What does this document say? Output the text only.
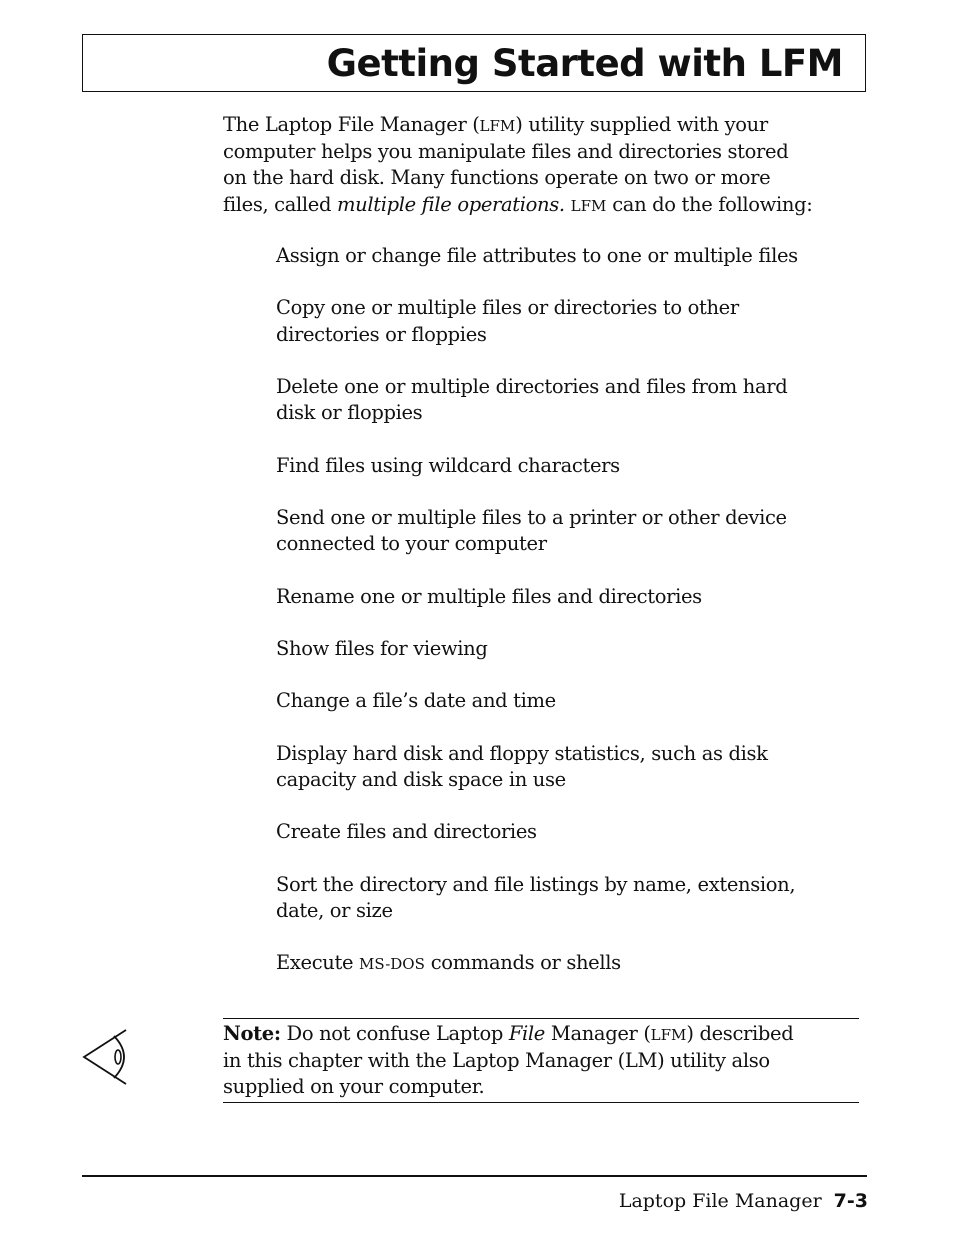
Getting Started with LFM

The Laptop File Manager (LFM) utility supplied with your

computer helps you manipulate files and directories stored

on the hard disk. Many functions operate on two or more

files, called multiple file operations. LFM can do the following:

Assign or change file attributes to one or multiple files
Copy one or multiple files or directories to other
directories or floppies
Delete one or multiple directories and files from hard
disk or floppies
Find files using wildcard characters
Send one or multiple files to a printer or other device
connected to your computer
Rename one or multiple files and directories
Show files for viewing
Change a file’s date and time
Display hard disk and floppy statistics, such as disk
capacity and disk space in use
Create files and directories
Sort the directory and file listings by name, extension,
date, or size
Execute MS-DOS commands or shells
Note: Do not confuse Laptop File Manager (LFM) described
in this chapter with the Laptop Manager (LM) utility also
supplied on your computer.
Laptop File Manager 7-3
